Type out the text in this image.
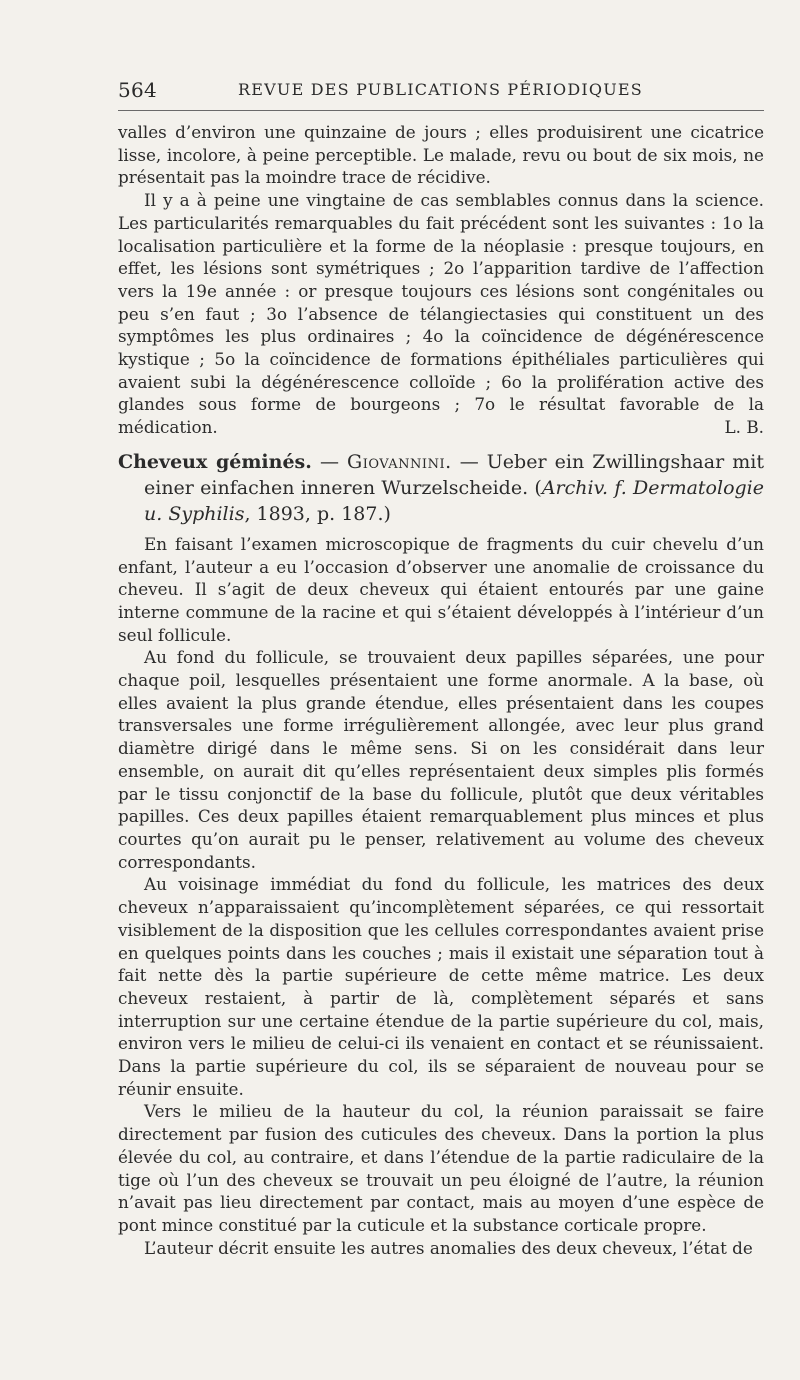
564	REVUE DES PUBLICATIONS PÉRIODIQUES

valles d’environ une quinzaine de jours ; elles produisirent une cicatrice lisse, incolore, à peine perceptible. Le malade, revu ou bout de six mois, ne présentait pas la moindre trace de récidive.

Il y a à peine une vingtaine de cas semblables connus dans la science. Les particularités remarquables du fait précédent sont les suivantes : 1o la localisation particulière et la forme de la néoplasie : presque toujours, en effet, les lésions sont symétriques ; 2o l’apparition tardive de l’affection vers la 19e année : or presque toujours ces lésions sont congénitales ou peu s’en faut ; 3o l’absence de télangiectasies qui constituent un des symptômes les plus ordinaires ; 4o la coïncidence de dégénérescence kystique ; 5o la coïncidence de formations épithéliales particulières qui avaient subi la dégénérescence colloïde ; 6o la prolifération active des glandes sous forme de bourgeons ; 7o le résultat favorable de la médication.	L. B.

Cheveux géminés. — Giovannini. — Ueber ein Zwillingshaar mit einer einfachen inneren Wurzelscheide. (Archiv. f. Dermatologie u. Syphilis, 1893, p. 187.)

En faisant l’examen microscopique de fragments du cuir chevelu d’un enfant, l’auteur a eu l’occasion d’observer une anomalie de croissance du cheveu. Il s’agit de deux cheveux qui étaient entourés par une gaine interne commune de la racine et qui s’étaient développés à l’intérieur d’un seul follicule.

Au fond du follicule, se trouvaient deux papilles séparées, une pour chaque poil, lesquelles présentaient une forme anormale. A la base, où elles avaient la plus grande étendue, elles présentaient dans les coupes transversales une forme irrégulièrement allongée, avec leur plus grand diamètre dirigé dans le même sens. Si on les considérait dans leur ensemble, on aurait dit qu’elles représentaient deux simples plis formés par le tissu conjonctif de la base du follicule, plutôt que deux véritables papilles. Ces deux papilles étaient remarquablement plus minces et plus courtes qu’on aurait pu le penser, relativement au volume des cheveux correspondants.

Au voisinage immédiat du fond du follicule, les matrices des deux cheveux n’apparaissaient qu’incomplètement séparées, ce qui ressortait visiblement de la disposition que les cellules correspondantes avaient prise en quelques points dans les couches ; mais il existait une séparation tout à fait nette dès la partie supérieure de cette même matrice. Les deux cheveux restaient, à partir de là, complètement séparés et sans interruption sur une certaine étendue de la partie supérieure du col, mais, environ vers le milieu de celui-ci ils venaient en contact et se réunissaient. Dans la partie supérieure du col, ils se séparaient de nouveau pour se réunir ensuite.

Vers le milieu de la hauteur du col, la réunion paraissait se faire directement par fusion des cuticules des cheveux. Dans la portion la plus élevée du col, au contraire, et dans l’étendue de la partie radiculaire de la tige où l’un des cheveux se trouvait un peu éloigné de l’autre, la réunion n’avait pas lieu directement par contact, mais au moyen d’une espèce de pont mince constitué par la cuticule et la substance corticale propre.

L’auteur décrit ensuite les autres anomalies des deux cheveux, l’état de
